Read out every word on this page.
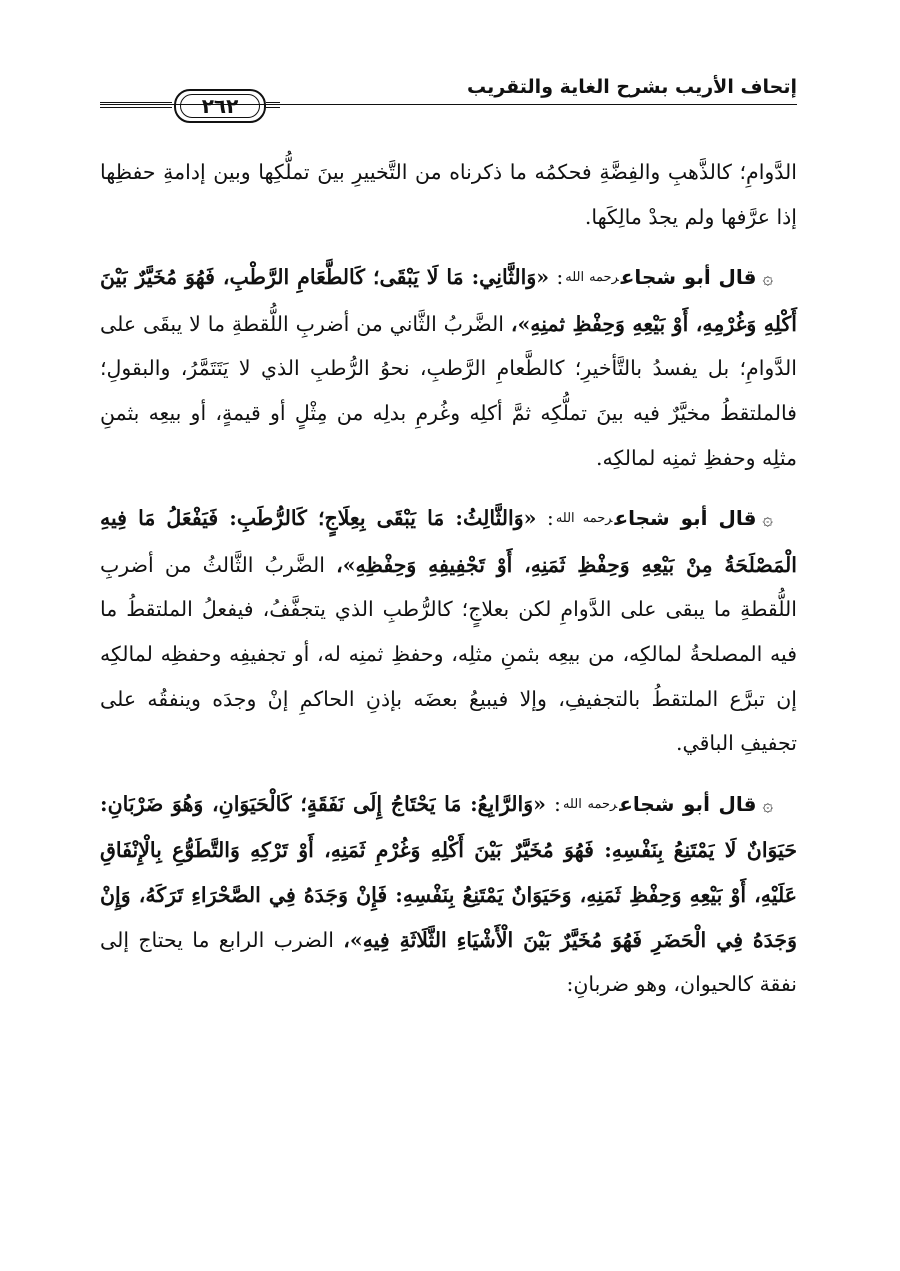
إتحاف الأريب بشرح الغاية والتقريب
٢٦٢

الدَّوامِ؛ كالذَّهبِ والفِضَّةِ فحكمُه ما ذكرناه من التَّخييرِ بينَ تملُّكِها وبين إدامةِ حفظِها إذا عرَّفها ولم يجدْ مالِكَها.

۞قال أبو شجاعرحمه الله: «وَالثَّانِي: مَا لَا يَبْقَى؛ كَالطَّعَامِ الرَّطْبِ، فَهُوَ مُخَيَّرٌ بَيْنَ أَكْلِهِ وَغُرْمِهِ، أَوْ بَيْعِهِ وَحِفْظِ ثمنِهِ»، الضَّربُ الثَّاني من أضربِ اللُّقطةِ ما لا يبقَى على الدَّوامِ؛ بل يفسدُ بالتَّأخيرِ؛ كالطَّعامِ الرَّطبِ، نحوُ الرُّطبِ الذي لا يَتَتَمَّرُ، والبقولِ؛ فالملتقطُ مخيَّرٌ فيه بينَ تملُّكِه ثمَّ أكلِه وغُرمِ بدلِه من مِثْلٍ أو قيمةٍ، أو بيعِه بثمنِ مثلِه وحفظِ ثمنِه لمالكِه.

۞قال أبو شجاعرحمه الله: «وَالثَّالِثُ: مَا يَبْقَى بِعِلَاجٍ؛ كَالرُّطَبِ: فَيَفْعَلُ مَا فِيهِ الْمَصْلَحَةُ مِنْ بَيْعِهِ وَحِفْظِ ثَمَنِهِ، أَوْ تَجْفِيفِهِ وَحِفْظِهِ»، الضَّربُ الثَّالثُ من أضربِ اللُّقطةِ ما يبقى على الدَّوامِ لكن بعلاجٍ؛ كالرُّطبِ الذي يتجفَّفُ، فيفعلُ الملتقطُ ما فيه المصلحةُ لمالكِه، من بيعِه بثمنِ مثلِه، وحفظِ ثمنِه له، أو تجفيفِه وحفظِه لمالكِه إن تبرَّع الملتقطُ بالتجفيفِ، وإلا فيبيعُ بعضَه بإذنِ الحاكمِ إنْ وجدَه وينفقُه على تجفيفِ الباقي.

۞قال أبو شجاعرحمه الله: «وَالرَّابِعُ: مَا يَحْتَاجُ إِلَى نَفَقَةٍ؛ كَالْحَيَوَانِ، وَهُوَ ضَرْبَانِ: حَيَوَانٌ لَا يَمْتَنِعُ بِنَفْسِهِ: فَهُوَ مُخَيَّرٌ بَيْنَ أَكْلِهِ وَغُرْمِ ثَمَنِهِ، أَوْ تَرْكِهِ وَالتَّطَوُّعِ بِالْإِنْفَاقِ عَلَيْهِ، أَوْ بَيْعِهِ وَحِفْظِ ثَمَنِهِ، وَحَيَوَانٌ يَمْتَنِعُ بِنَفْسِهِ: فَإِنْ وَجَدَهُ فِي الصَّحْرَاءِ تَرَكَهُ، وَإِنْ وَجَدَهُ فِي الْحَضَرِ فَهُوَ مُخَيَّرٌ بَيْنَ الْأَشْيَاءِ الثَّلَاثَةِ فِيهِ»، الضرب الرابع ما يحتاج إلى نفقة كالحيوان، وهو ضربانِ:
